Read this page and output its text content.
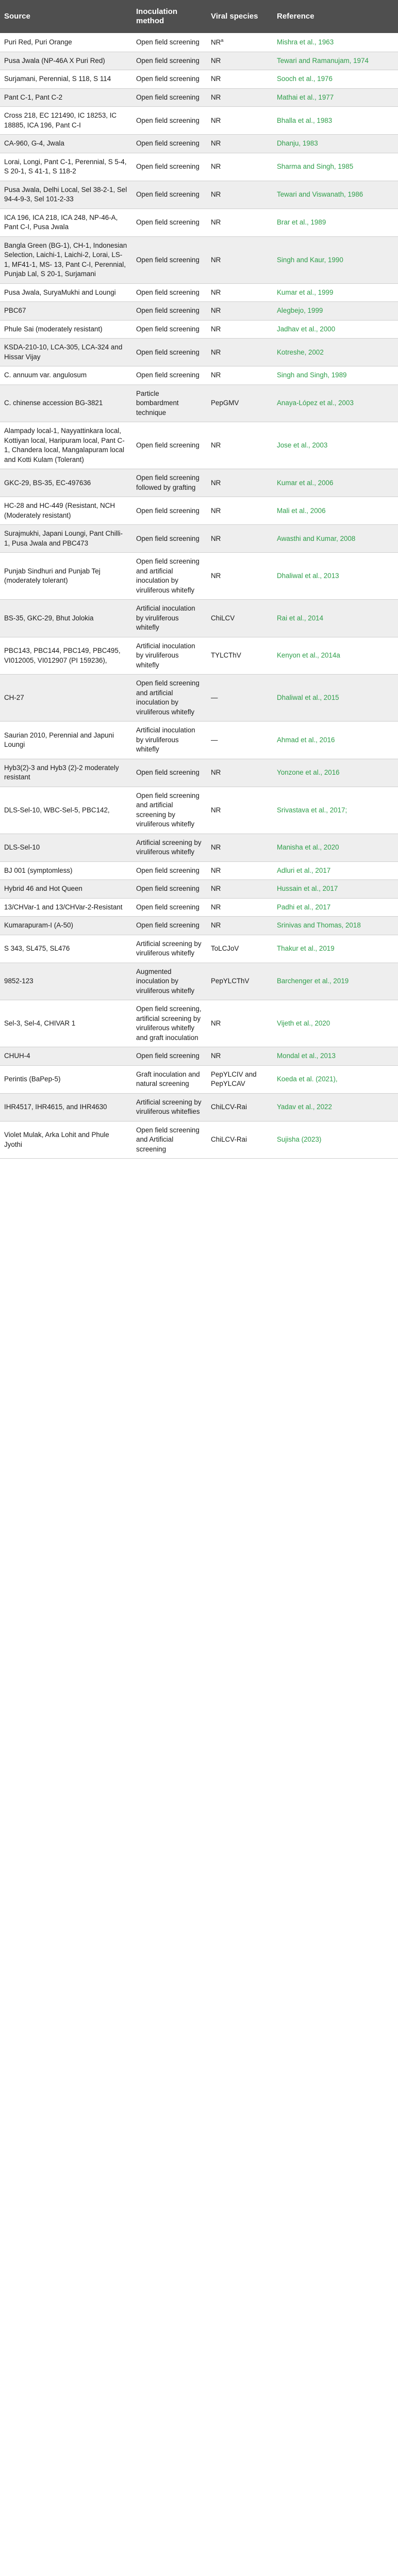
Source	Inoculation method	Viral species	Reference
Puri Red, Puri Orange	Open field screening	$NR^a$	Mishra et al., 1963
Pusa Jwala (NP-46A X Puri Red)	Open field screening	NR	Tewari and Ramanujam, 1974
Surjamani, Perennial, S 118, S 114	Open field screening	NR	Sooch et al., 1976
Pant C-1, Pant C-2	Open field screening	NR	Mathai et al., 1977
Cross 218, EC 121490, IC 18253, IC 18885, ICA 196, Pant C-I	Open field screening	NR	Bhalla et al., 1983
CA-960, G-4, Jwala	Open field screening	NR	Dhanju, 1983
Lorai, Longi, Pant C-1, Perennial, S 5-4, S 20-1, S 41-1, S 118-2	Open field screening	NR	Sharma and Singh, 1985
Pusa Jwala, Delhi Local, Sel 38-2-1, Sel 94-4-9-3, Sel 101-2-33	Open field screening	NR	Tewari and Viswanath, 1986
ICA 196, ICA 218, ICA 248, NP-46-A, Pant C-I, Pusa Jwala	Open field screening	NR	Brar et al., 1989
Bangla Green (BG-1), CH-1, Indonesian Selection, Laichi-1, Laichi-2, Lorai, LS-1, MF41-1, MS- 13, Pant C-I, Perennial, Punjab Lal, S 20-1, Surjamani	Open field screening	NR	Singh and Kaur, 1990
Pusa Jwala, SuryaMukhi and Loungi	Open field screening	NR	Kumar et al., 1999
PBC67	Open field screening	NR	Alegbejo, 1999
Phule Sai (moderately resistant)	Open field screening	NR	Jadhav et al., 2000
KSDA-210-10, LCA-305, LCA-324 and Hissar Vijay	Open field screening	NR	Kotreshe, 2002
C. annuum var. angulosum	Open field screening	NR	Singh and Singh, 1989
C. chinense accession BG-3821	Particle bombardment technique	PepGMV	Anaya-López et al., 2003
Alampady local-1, Nayyattinkara local, Kottiyan local, Haripuram local, Pant C-1, Chandera local, Mangalapuram local and Kotti Kulam (Tolerant)	Open field screening	NR	Jose et al., 2003
GKC-29, BS-35, EC-497636	Open field screening followed by grafting	NR	Kumar et al., 2006
HC-28 and HC-449 (Resistant, NCH (Moderately resistant)	Open field screening	NR	Mali et al., 2006
Surajmukhi, Japani Loungi, Pant Chilli-1, Pusa Jwala and PBC473	Open field screening	NR	Awasthi and Kumar, 2008
Punjab Sindhuri and Punjab Tej (moderately tolerant)	Open field screening and artificial inoculation by viruliferous whitefly	NR	Dhaliwal et al., 2013
BS-35, GKC-29, Bhut Jolokia	Artificial inoculation by viruliferous whitefly	ChiLCV	Rai et al., 2014
PBC143, PBC144, PBC149, PBC495, VI012005, VI012907 (PI 159236),	Artificial inoculation by viruliferous whitefly	TYLCThV	Kenyon et al., 2014a
CH-27	Open field screening and artificial inoculation by viruliferous whitefly	—	Dhaliwal et al., 2015
Saurian 2010, Perennial and Japuni Loungi	Artificial inoculation by viruliferous whitefly	—	Ahmad et al., 2016
Hyb3(2)-3 and Hyb3 (2)-2 moderately resistant	Open field screening	NR	Yonzone et al., 2016
DLS-Sel-10, WBC-Sel-5, PBC142,	Open field screening and artificial screening by viruliferous whitefly	NR	Srivastava et al., 2017;
DLS-Sel-10	Artificial screening by viruliferous whitefly	NR	Manisha et al., 2020
BJ 001 (symptomless)	Open field screening	NR	Adluri et al., 2017
Hybrid 46 and Hot Queen	Open field screening	NR	Hussain et al., 2017
13/CHVar-1 and 13/CHVar-2-Resistant	Open field screening	NR	Padhi et al., 2017
Kumarapuram-I (A-50)	Open field screening	NR	Srinivas and Thomas, 2018
S 343, SL475, SL476	Artificial screening by viruliferous whitefly	ToLCJoV	Thakur et al., 2019
9852-123	Augmented inoculation by viruliferous whitefly	PepYLCThV	Barchenger et al., 2019
Sel-3, Sel-4, CHIVAR 1	Open field screening, artificial screening by viruliferous whitefly and graft inoculation	NR	Vijeth et al., 2020
CHUH-4	Open field screening	NR	Mondal et al., 2013
Perintis (BaPep-5)	Graft inoculation and natural screening	PepYLCIV and PepYLCAV	Koeda et al. (2021),
IHR4517, IHR4615, and IHR4630	Artificial screening by viruliferous whiteflies	ChiLCV-Rai	Yadav et al., 2022
Violet Mulak, Arka Lohit and Phule Jyothi	Open field screening and Artificial screening	ChiLCV-Rai	Sujisha (2023)
